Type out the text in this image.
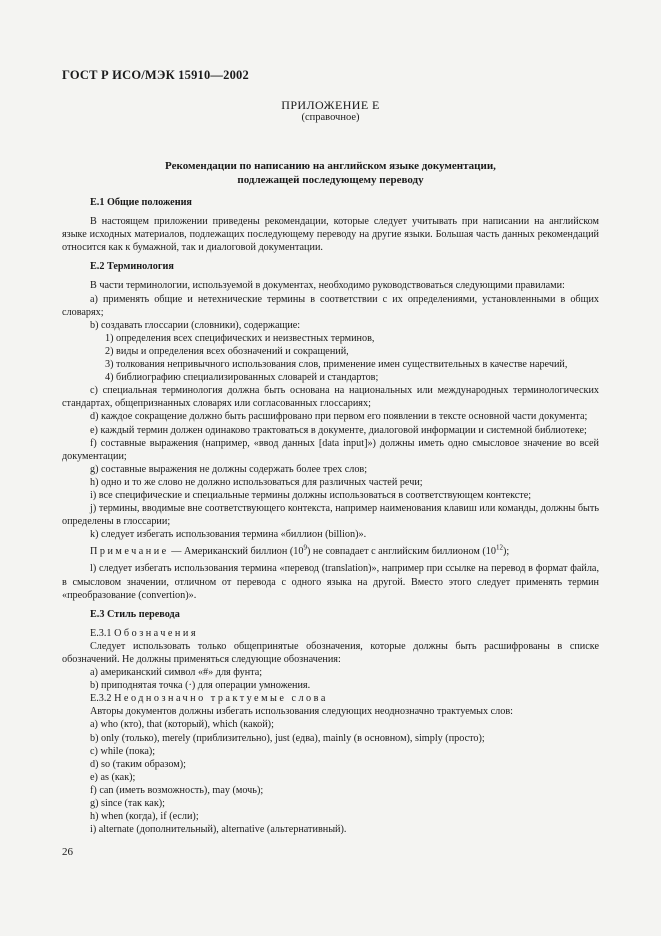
ГОСТ Р ИСО/МЭК 15910—2002
ПРИЛОЖЕНИЕ Е
(справочное)
Рекомендации по написанию на английском языке документации,
подлежащей последующему переводу

Е.1 Общие положения

В настоящем приложении приведены рекомендации, которые следует учитывать при написании на английском языке исходных материалов, подлежащих последующему переводу на другие языки. Большая часть данных рекомендаций относится как к бумажной, так и диалоговой документации.

Е.2 Терминология

В части терминологии, используемой в документах, необходимо руководствоваться следующими правилами:

а) применять общие и нетехнические термины в соответствии с их определениями, установленными в общих словарях;

b) создавать глоссарии (словники), содержащие:

1) определения всех специфических и неизвестных терминов,

2) виды и определения всех обозначений и сокращений,

3) толкования непривычного использования слов, применение имен существительных в качестве наречий,

4) библиографию специализированных словарей и стандартов;

c) специальная терминология должна быть основана на национальных или международных терминологических стандартах, общепризнанных словарях или согласованных глоссариях;

d) каждое сокращение должно быть расшифровано при первом его появлении в тексте основной части документа;

e) каждый термин должен одинаково трактоваться в документе, диалоговой информации и системной библиотеке;

f) составные выражения (например, «ввод данных [data input]») должны иметь одно смысловое значение во всей документации;

g) составные выражения не должны содержать более трех слов;

h) одно и то же слово не должно использоваться для различных частей речи;

i) все специфические и специальные термины должны использоваться в соответствующем контексте;

j) термины, вводимые вне соответствующего контекста, например наименования клавиш или команды, должны быть определены в глоссарии;

k) следует избегать использования термина «биллион (billion)».

Примечание — Американский биллион $(10^9)$ не совпадает с английским биллионом $(10^{12})$;

l) следует избегать использования термина «перевод (translation)», например при ссылке на перевод в формат файла, в смысловом значении, отличном от перевода с одного языка на другой. Вместо этого следует применять термин «преобразование (convertion)».

Е.3 Стиль перевода

Е.3.1 Обозначения

Следует использовать только общепринятые обозначения, которые должны быть расшифрованы в списке обозначений. Не должны применяться следующие обозначения:

а) американский символ «#» для фунта;

b) приподнятая точка (·) для операции умножения.

Е.3.2 Неоднозначно трактуемые слова

Авторы документов должны избегать использования следующих неоднозначно трактуемых слов:

a) who (кто), that (который), which (какой);

b) only (только), merely (приблизительно), just (едва), mainly (в основном), simply (просто);

c) while (пока);

d) so (таким образом);

e) as (как);

f) can (иметь возможность), may (мочь);

g) since (так как);

h) when (когда), if (если);

i) alternate (дополнительный), alternative (альтернативный).

26
